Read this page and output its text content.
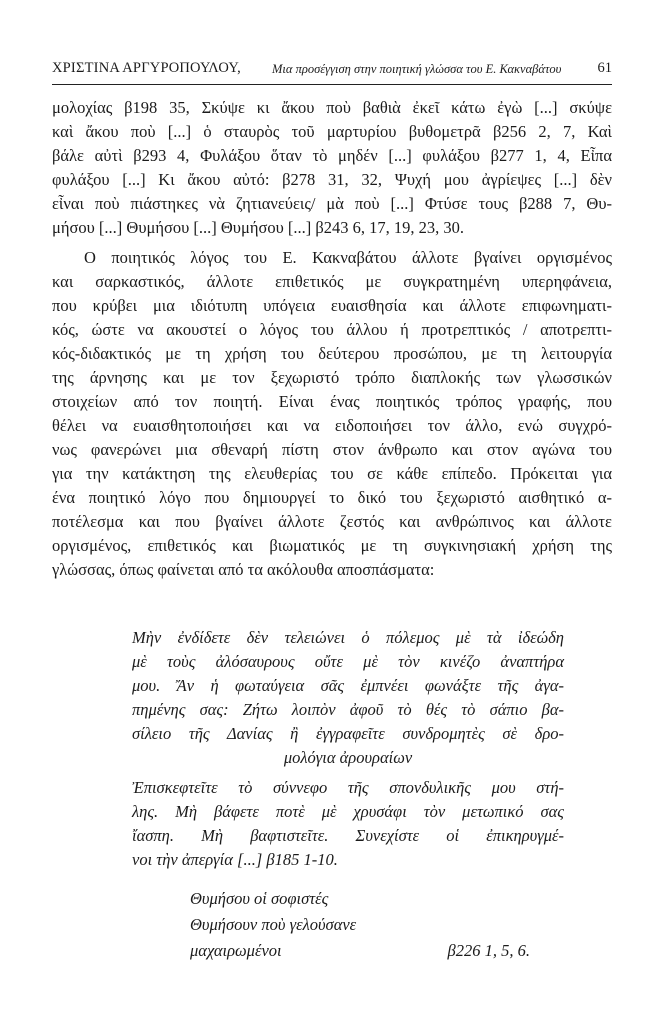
ΧΡΙΣΤΙΝΑ ΑΡΓΥΡΟΠΟΥΛΟΥ, Μια προσέγγιση στην ποιητική γλώσσα του Ε. Κακναβάτου 61
μολοχίας β198 35, Σκύψε κι ἄκου ποὺ βαθιὰ ἐκεῖ κάτω ἐγὼ [...] σκύψε
καὶ ἄκου ποὺ [...] ὁ σταυρὸς τοῦ μαρτυρίου βυθομετρᾶ β256 2, 7, Καὶ
βάλε αὐτὶ β293 4, Φυλάξου ὅταν τὸ μηδέν [...] φυλάξου β277 1, 4, Εἶπα
φυλάξου [...] Κι ἄκου αὐτό: β278 31, 32, Ψυχή μου ἀγρίεψες [...] δὲν
εἶναι ποὺ πιάστηκες νὰ ζητιανεύεις/ μὰ ποὺ [...] Φτύσε τους β288 7, Θυ-
μήσου [...] Θυμήσου [...] Θυμήσου [...] β243 6, 17, 19, 23, 30.
Ο ποιητικός λόγος του Ε. Κακναβάτου άλλοτε βγαίνει οργισμένος
και σαρκαστικός, άλλοτε επιθετικός με συγκρατημένη υπερηφάνεια,
που κρύβει μια ιδιότυπη υπόγεια ευαισθησία και άλλοτε επιφωνηματι-
κός, ώστε να ακουστεί ο λόγος του άλλου ή προτρεπτικός / αποτρεπτι-
κός-διδακτικός με τη χρήση του δεύτερου προσώπου, με τη λειτουργία
της άρνησης και με τον ξεχωριστό τρόπο διαπλοκής των γλωσσικών
στοιχείων από τον ποιητή. Είναι ένας ποιητικός τρόπος γραφής, που
θέλει να ευαισθητοποιήσει και να ειδοποιήσει τον άλλο, ενώ συγχρό-
νως φανερώνει μια σθεναρή πίστη στον άνθρωπο και στον αγώνα του
για την κατάκτηση της ελευθερίας του σε κάθε επίπεδο. Πρόκειται για
ένα ποιητικό λόγο που δημιουργεί το δικό του ξεχωριστό αισθητικό α-
ποτέλεσμα και που βγαίνει άλλοτε ζεστός και ανθρώπινος και άλλοτε
οργισμένος, επιθετικός και βιωματικός με τη συγκινησιακή χρήση της
γλώσσας, όπως φαίνεται από τα ακόλουθα αποσπάσματα:
Μὴν ἐνδίδετε δὲν τελειώνει ὁ πόλεμος μὲ τὰ ἰδεώδη
μὲ τοὺς ἀλόσαυρους οὔτε μὲ τὸν κινέζο ἀναπτήρα
μου. Ἄν ἡ φωταύγεια σᾶς ἐμπνέει φωνάξτε τῆς ἀγα-
πημένης σας: Ζήτω λοιπὸν ἀφοῦ τὸ θές τὸ σάπιο βα-
σίλειο τῆς Δανίας ἢ ἐγγραφεῖτε συνδρομητὲς σὲ δρο-
μολόγια ἀρουραίων
Ἐπισκεφτεῖτε τὸ σύννεφο τῆς σπονδυλικῆς μου στή-
λης. Μὴ βάφετε ποτὲ μὲ χρυσάφι τὸν μετωπικό σας
ἴασπη. Μὴ βαφτιστεῖτε. Συνεχίστε οἱ ἐπικηρυγμέ-
νοι τὴν ἀπεργία [...] β185 1-10.
Θυμήσου οἱ σοφιστές
Θυμήσουν ποὺ γελούσανε
μαχαιρωμένοι	β226 1, 5, 6.
